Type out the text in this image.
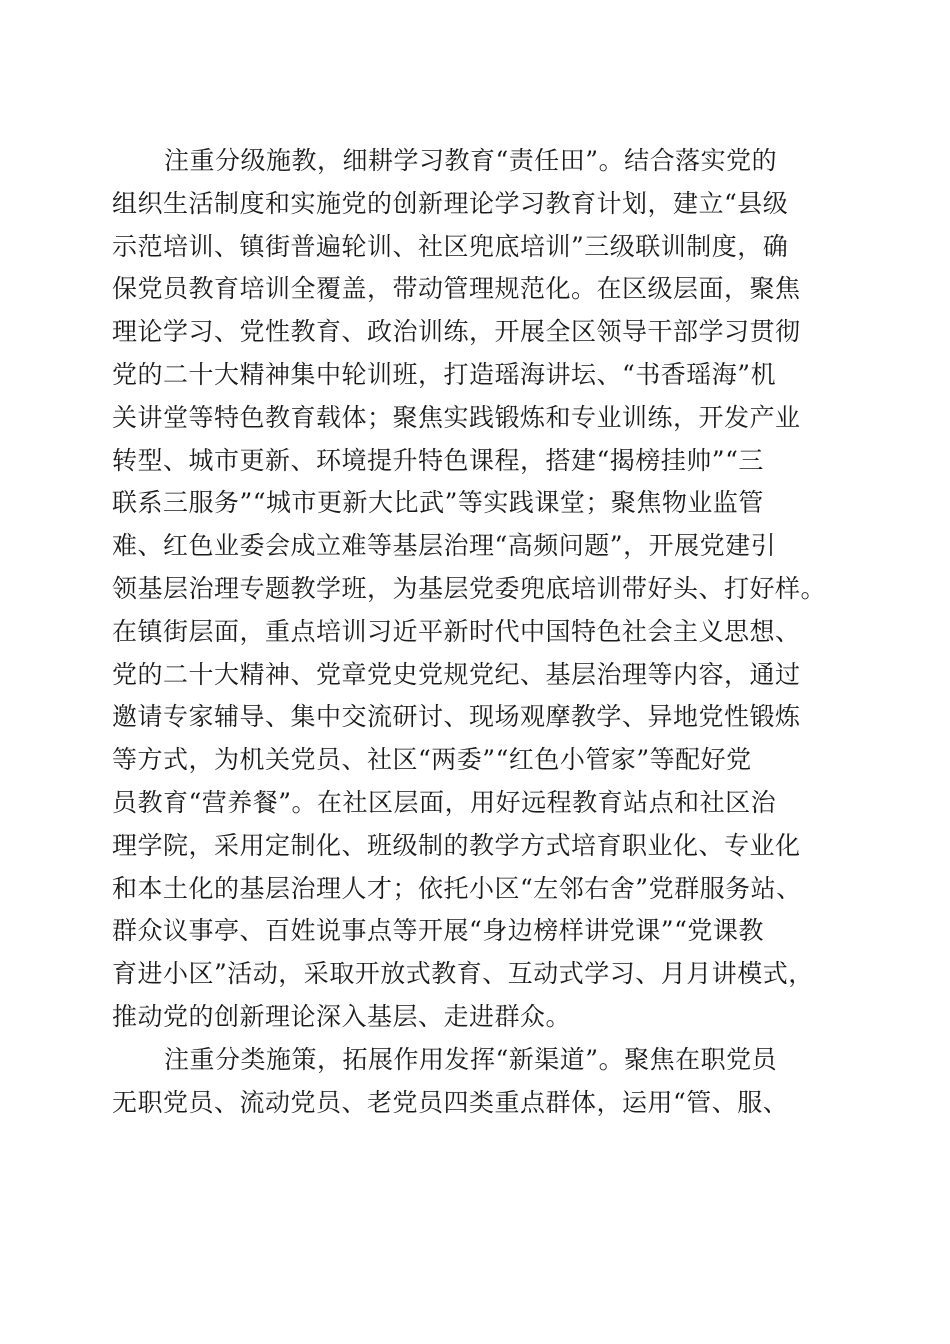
注重分级施教，细耕学习教育“责任田”。结合落实党的
组织生活制度和实施党的创新理论学习教育计划，建立“县级
示范培训、镇街普遍轮训、社区兜底培训”三级联训制度，确
保党员教育培训全覆盖，带动管理规范化。在区级层面，聚焦
理论学习、党性教育、政治训练，开展全区领导干部学习贯彻
党的二十大精神集中轮训班，打造瑶海讲坛、“书香瑶海”机
关讲堂等特色教育载体；聚焦实践锻炼和专业训练，开发产业
转型、城市更新、环境提升特色课程，搭建“揭榜挂帅”“三
联系三服务”“城市更新大比武”等实践课堂；聚焦物业监管
难、红色业委会成立难等基层治理“高频问题”，开展党建引
领基层治理专题教学班，为基层党委兜底培训带好头、打好样。
在镇街层面，重点培训习近平新时代中国特色社会主义思想、
党的二十大精神、党章党史党规党纪、基层治理等内容，通过
邀请专家辅导、集中交流研讨、现场观摩教学、异地党性锻炼
等方式，为机关党员、社区“两委”“红色小管家”等配好党
员教育“营养餐”。在社区层面，用好远程教育站点和社区治
理学院，采用定制化、班级制的教学方式培育职业化、专业化
和本土化的基层治理人才；依托小区“左邻右舍”党群服务站、
群众议事亭、百姓说事点等开展“身边榜样讲党课”“党课教
育进小区”活动，采取开放式教育、互动式学习、月月讲模式，
推动党的创新理论深入基层、走进群众。
注重分类施策，拓展作用发挥“新渠道”。聚焦在职党员
无职党员、流动党员、老党员四类重点群体，运用“管、服、
